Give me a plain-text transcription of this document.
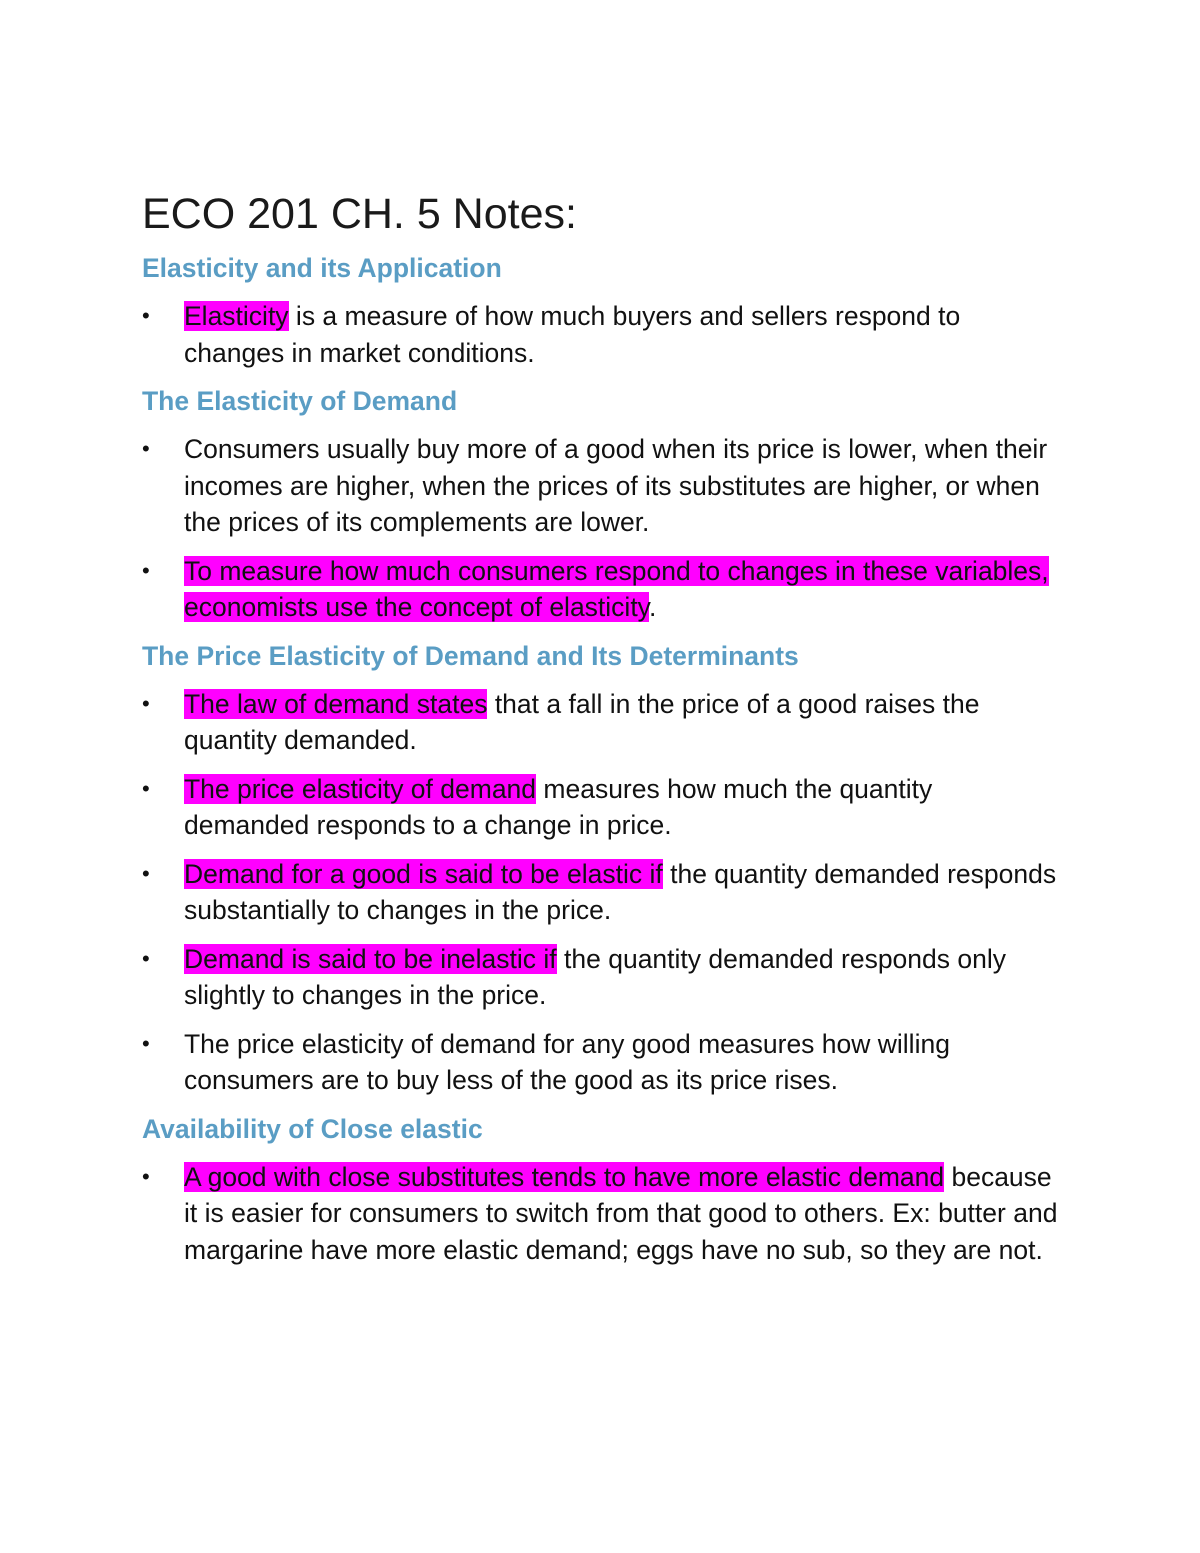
ECO 201 CH. 5 Notes:
Elasticity and its Application
• Elasticity is a measure of how much buyers and sellers respond to changes in market conditions.
The Elasticity of Demand
• Consumers usually buy more of a good when its price is lower, when their incomes are higher, when the prices of its substitutes are higher, or when the prices of its complements are lower.
• To measure how much consumers respond to changes in these variables, economists use the concept of elasticity.
The Price Elasticity of Demand and Its Determinants
• The law of demand states that a fall in the price of a good raises the quantity demanded.
• The price elasticity of demand measures how much the quantity demanded responds to a change in price.
• Demand for a good is said to be elastic if the quantity demanded responds substantially to changes in the price.
• Demand is said to be inelastic if the quantity demanded responds only slightly to changes in the price.
• The price elasticity of demand for any good measures how willing consumers are to buy less of the good as its price rises.
Availability of Close elastic
• A good with close substitutes tends to have more elastic demand because it is easier for consumers to switch from that good to others. Ex: butter and margarine have more elastic demand; eggs have no sub, so they are not.
